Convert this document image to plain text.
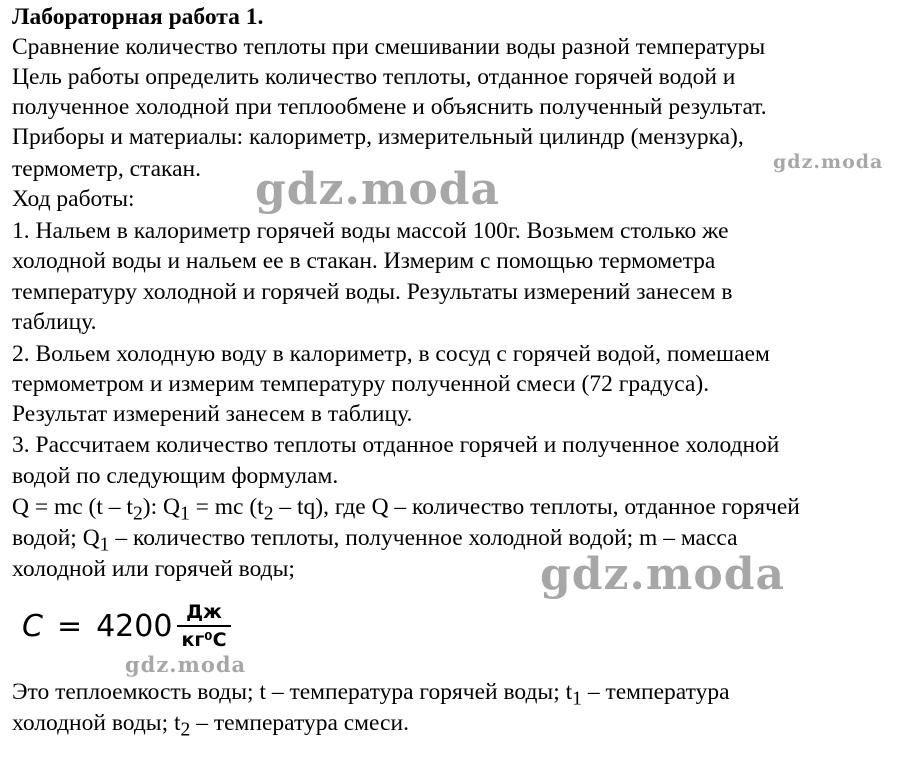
Лабораторная работа 1.

Сравнение количество теплоты при смешивании воды разной температуры

Цель работы определить количество теплоты, отданное горячей водой и

полученное холодной при теплообмене и объяснить полученный результат.

Приборы и материалы: калориметр, измерительный цилиндр (мензурка),

термометр, стакан.

Ход работы:

1. Нальем в калориметр горячей воды массой 100г. Возьмем столько же

холодной воды и нальем ее в стакан. Измерим с помощью термометра

температуру холодной и горячей воды. Результаты измерений занесем в

таблицу.

2. Вольем холодную воду в калориметр, в сосуд с горячей водой, помешаем

термометром и измерим температуру полученной смеси (72 градуса).

Результат измерений занесем в таблицу.

3. Рассчитаем количество теплоты отданное горячей и полученное холодной

водой по следующим формулам.

Q = mc $(t - t_2)$: $Q_1$ = mc $(t_2 - tq)$, где Q – количество теплоты, отданное горячей

водой; $Q_1$ – количество теплоты, полученное холодной водой; m – масса

холодной или горячей воды;

$C = 4200 \frac{Дж}{\text{кг⁰С}}$

Это теплоемкость воды; t – температура горячей воды; $t_1$ – температура

холодной воды; $t_2$ – температура смеси.

gdz.moda
gdz.moda
gdz.moda
gdz.moda
